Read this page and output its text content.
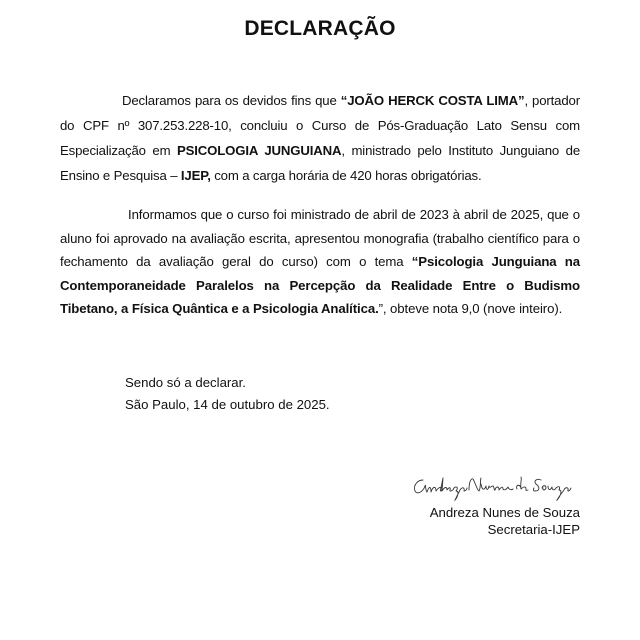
DECLARAÇÃO

Declaramos para os devidos fins que “JOÃO HERCK COSTA LIMA”, portador do CPF nº 307.253.228-10, concluiu o Curso de Pós-Graduação Lato Sensu com Especialização em PSICOLOGIA JUNGUIANA, ministrado pelo Instituto Junguiano de Ensino e Pesquisa – IJEP, com a carga horária de 420 horas obrigatórias.

Informamos que o curso foi ministrado de abril de 2023 à abril de 2025, que o aluno foi aprovado na avaliação escrita, apresentou monografia (trabalho científico para o fechamento da avaliação geral do curso) com o tema “Psicologia Junguiana na Contemporaneidade Paralelos na Percepção da Realidade Entre o Budismo Tibetano, a Física Quântica e a Psicologia Analítica.”, obteve nota 9,0 (nove inteiro).

Sendo só a declarar.
São Paulo, 14 de outubro de 2025.
Andreza Nunes de Souza
Secretaria-IJEP
